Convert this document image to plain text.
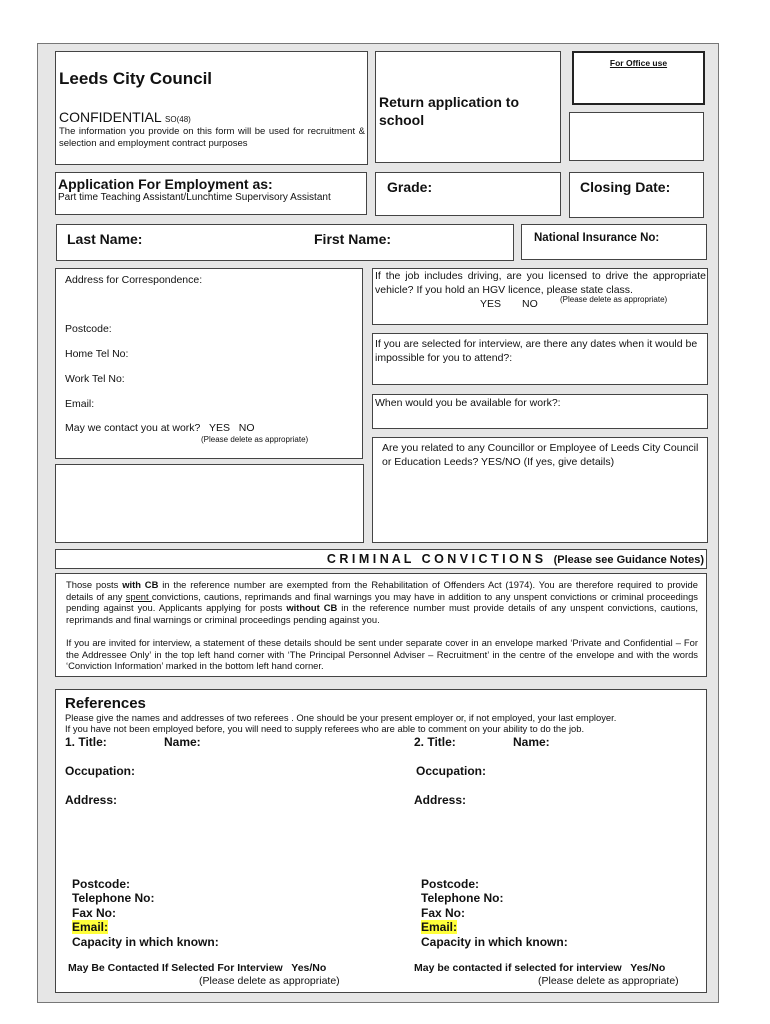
Leeds City Council
CONFIDENTIAL SO(48)
The information you provide on this form will be used for recruitment & selection and employment contract purposes
Return application to
school
For Office use
Application For Employment as:
Part time Teaching Assistant/Lunchtime Supervisory Assistant
Grade:	Closing Date:
Last Name:	First Name:	National Insurance No:
Address for Correspondence:
Postcode:
Home Tel No:
Work Tel No:
Email:
May we contact you at work? YES NO
(Please delete as appropriate)
If the job includes driving, are you licensed to drive the appropriate vehicle? If you hold an HGV licence, please state class.
YES NO	(Please delete as appropriate)
If you are selected for interview, are there any dates when it would be impossible for you to attend?:
When would you be available for work?:
Are you related to any Councillor or Employee of Leeds City Council or Education Leeds? YES/NO (If yes, give details)
C R I M I N A L   C O N V I C T I O N S (Please see Guidance Notes)
Those posts with CB in the reference number are exempted from the Rehabilitation of Offenders Act (1974). You are therefore required to provide details of any spent convictions, cautions, reprimands and final warnings you may have in addition to any unspent convictions or criminal proceedings pending against you. Applicants applying for posts without CB in the reference number must provide details of any unspent convictions, cautions, reprimands and final warnings or criminal proceedings pending against you.
If you are invited for interview, a statement of these details should be sent under separate cover in an envelope marked ‘Private and Confidential – For the Addressee Only’ in the top left hand corner with ‘The Principal Personnel Adviser – Recruitment’ in the centre of the envelope and with the words ‘Conviction Information’ marked in the bottom left hand corner.
References
Please give the names and addresses of two referees . One should be your present employer or, if not employed, your last employer.
If you have not been employed before, you will need to supply referees who are able to comment on your ability to do the job.
1. Title:	Name:
Occupation:
Address:
Postcode:
Telephone No:
Fax No:
Email:
Capacity in which known:
May Be Contacted If Selected For Interview   Yes/No
(Please delete as appropriate)
2. Title:	Name:
Occupation:
Address:
Postcode:
Telephone No:
Fax No:
Email:
Capacity in which known:
May be contacted if selected for interview   Yes/No
(Please delete as appropriate)
